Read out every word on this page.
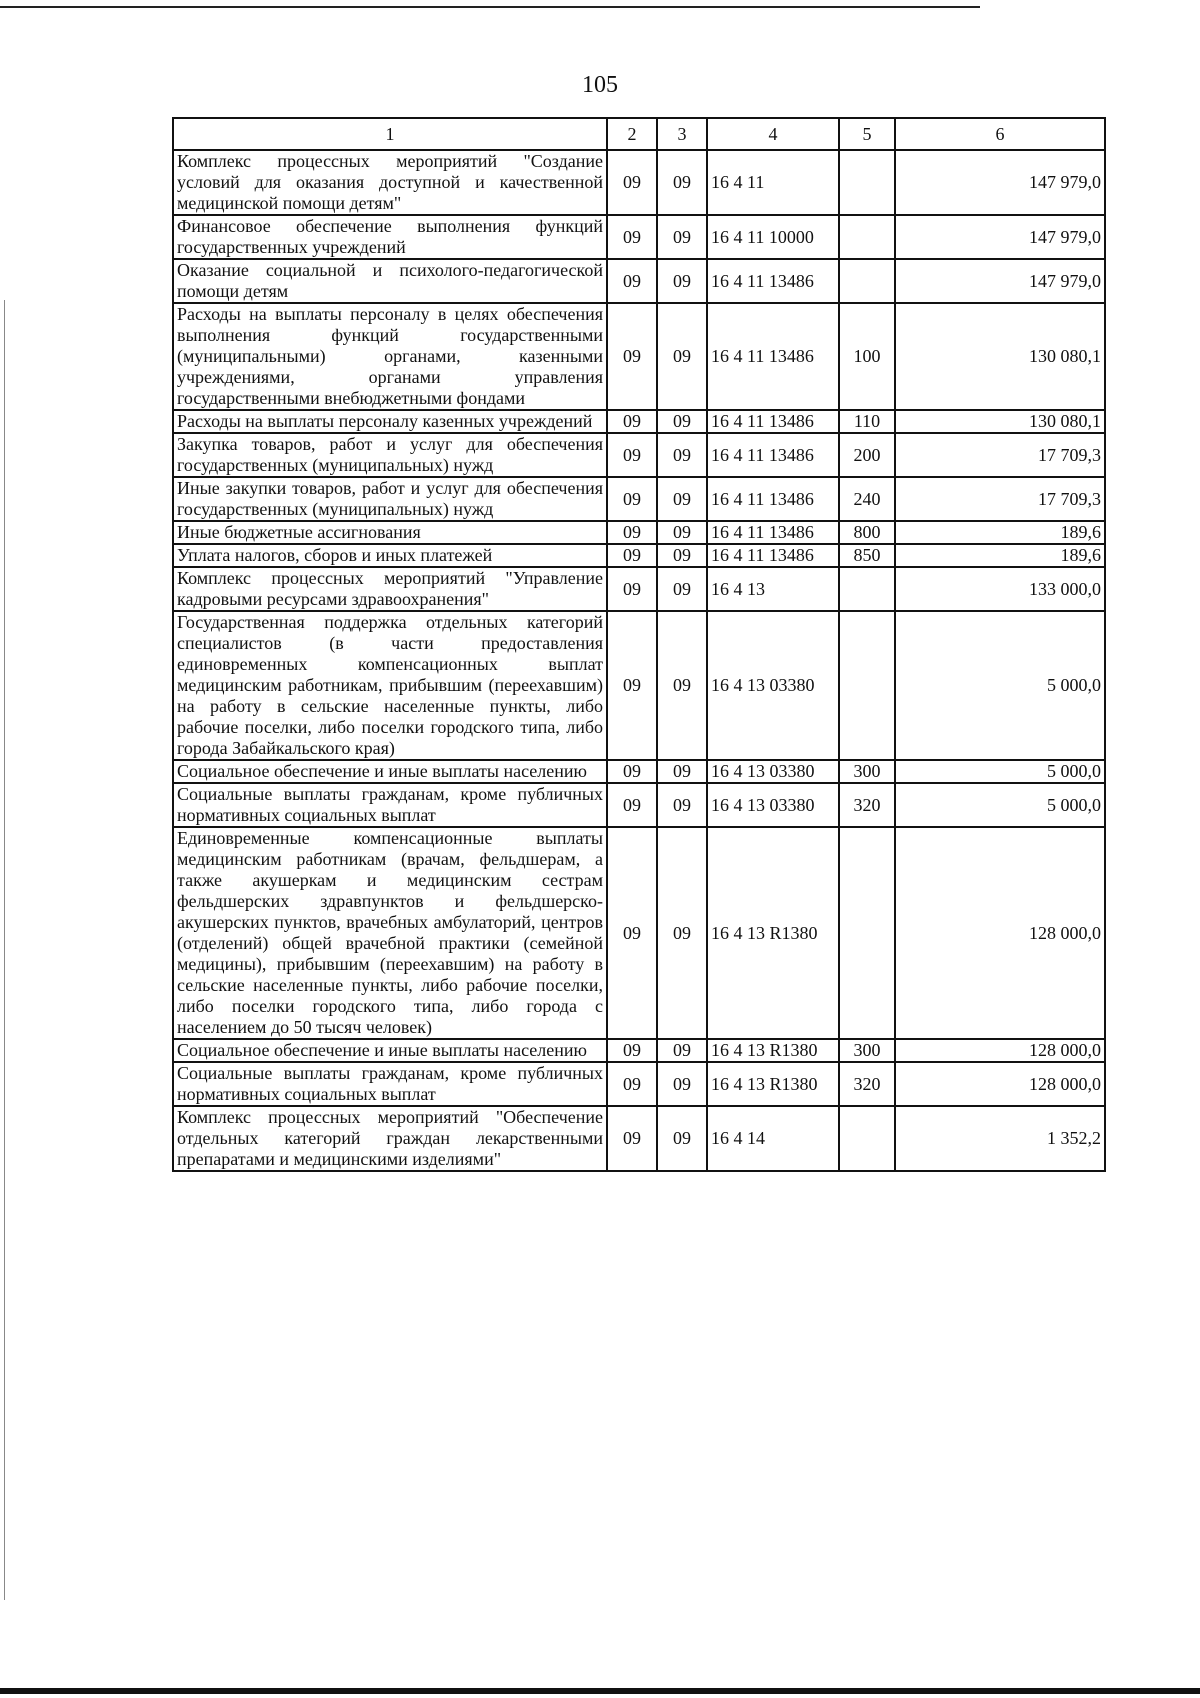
105
1	2	3	4	5	6
Комплекс процессных мероприятий "Создание условий для оказания доступной и качественной медицинской помощи детям"	09	09	16 4 11		147 979,0
Финансовое обеспечение выполнения функций государственных учреждений	09	09	16 4 11 10000		147 979,0
Оказание социальной и психолого-педагогической помощи детям	09	09	16 4 11 13486		147 979,0
Расходы на выплаты персоналу в целях обеспечения выполнения функций государственными (муниципальными) органами, казенными учреждениями, органами управления государственными внебюджетными фондами	09	09	16 4 11 13486	100	130 080,1
Расходы на выплаты персоналу казенных учреждений	09	09	16 4 11 13486	110	130 080,1
Закупка товаров, работ и услуг для обеспечения государственных (муниципальных) нужд	09	09	16 4 11 13486	200	17 709,3
Иные закупки товаров, работ и услуг для обеспечения государственных (муниципальных) нужд	09	09	16 4 11 13486	240	17 709,3
Иные бюджетные ассигнования	09	09	16 4 11 13486	800	189,6
Уплата налогов, сборов и иных платежей	09	09	16 4 11 13486	850	189,6
Комплекс процессных мероприятий "Управление кадровыми ресурсами здравоохранения"	09	09	16 4 13		133 000,0
Государственная поддержка отдельных категорий специалистов (в части предоставления единовременных компенсационных выплат медицинским работникам, прибывшим (переехавшим) на работу в сельские населенные пункты, либо рабочие поселки, либо поселки городского типа, либо города Забайкальского края)	09	09	16 4 13 03380		5 000,0
Социальное обеспечение и иные выплаты населению	09	09	16 4 13 03380	300	5 000,0
Социальные выплаты гражданам, кроме публичных нормативных социальных выплат	09	09	16 4 13 03380	320	5 000,0
Единовременные компенсационные выплаты медицинским работникам (врачам, фельдшерам, а также акушеркам и медицинским сестрам фельдшерских здравпунктов и фельдшерско-акушерских пунктов, врачебных амбулаторий, центров (отделений) общей врачебной практики (семейной медицины), прибывшим (переехавшим) на работу в сельские населенные пункты, либо рабочие поселки, либо поселки городского типа, либо города с населением до 50 тысяч человек)	09	09	16 4 13 R1380		128 000,0
Социальное обеспечение и иные выплаты населению	09	09	16 4 13 R1380	300	128 000,0
Социальные выплаты гражданам, кроме публичных нормативных социальных выплат	09	09	16 4 13 R1380	320	128 000,0
Комплекс процессных мероприятий "Обеспечение отдельных категорий граждан лекарственными препаратами и медицинскими изделиями"	09	09	16 4 14		1 352,2
